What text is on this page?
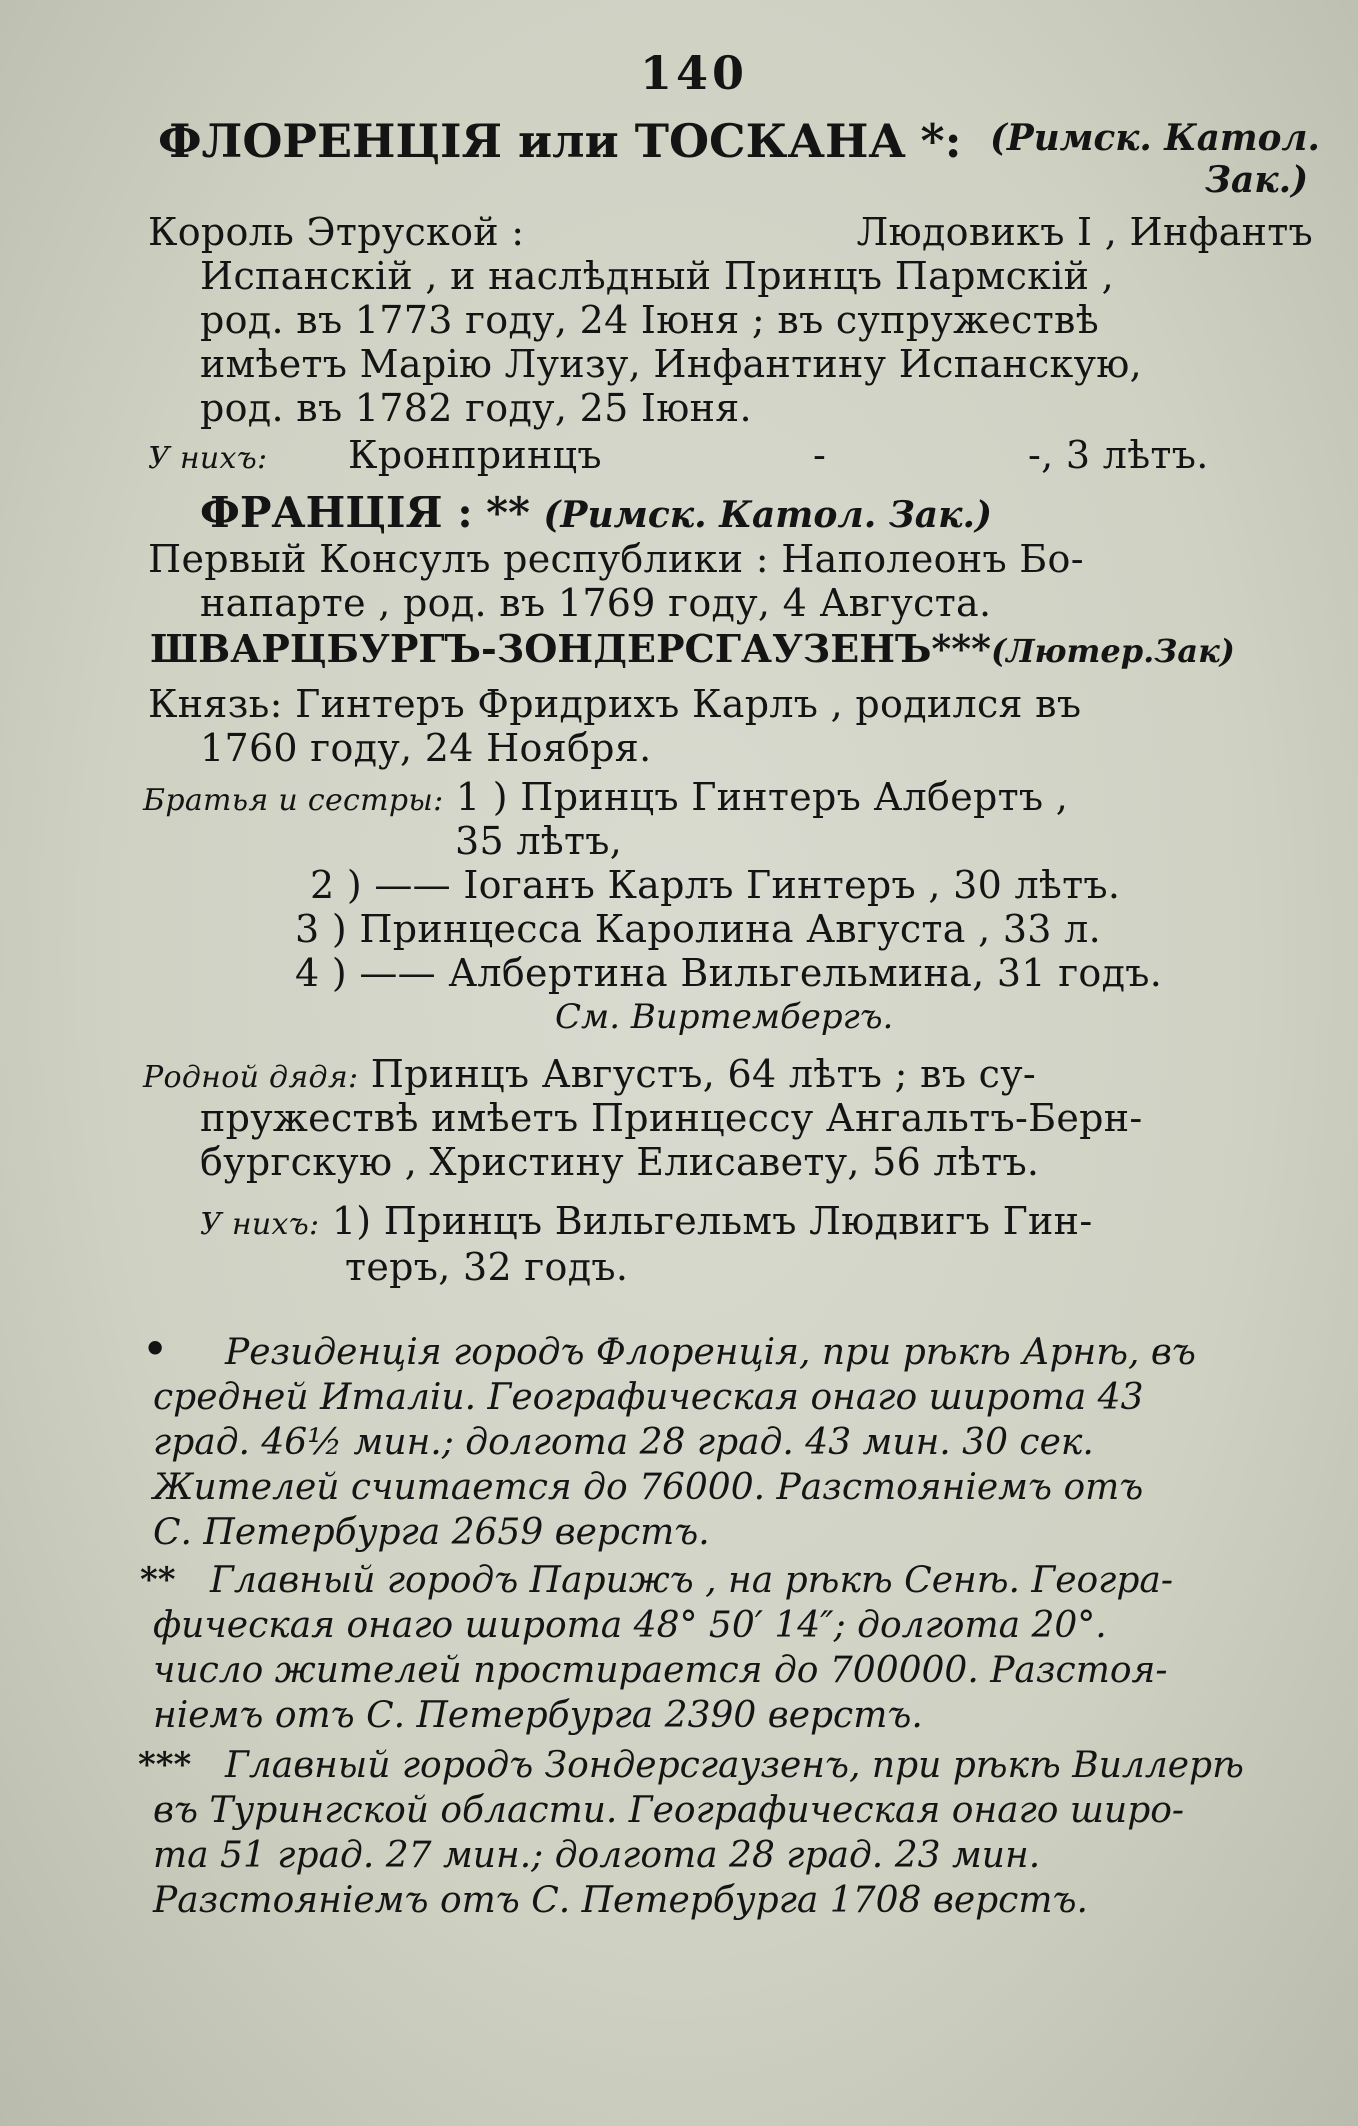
140
ФЛОРЕНЦІЯ или ТОСКАНА *: (Римск. Катол.
Зак.)
Король Этруской :	Людовикъ I , Инфантъ
Испанскій , и наслѣдный Принцъ Пармскій ,
род. въ 1773 году, 24 Іюня ; въ супружествѣ
имѣетъ Марію Луизу, Инфантину Испанскую,
род. въ 1782 году, 25 Іюня.
У нихъ: Кронпринцъ	-	-, 3 лѣтъ.
ФРАНЦІЯ : ** (Римск. Катол. Зак.)
Первый Консулъ республики : Наполеонъ Бо-
напарте , род. въ 1769 году, 4 Августа.
ШВАРЦБУРГЪ-ЗОНДЕРСГАУЗЕНЪ***(Лютер.Зак)
Князь: Гинтеръ Фридрихъ Карлъ , родился въ
1760 году, 24 Ноября.
Братья и сестры: 1 ) Принцъ Гинтеръ Албертъ ,
35 лѣтъ,
2 ) —— Іоганъ Карлъ Гинтеръ , 30 лѣтъ.
3 ) Принцесса Каролина Августа , 33 л.
4 ) —— Албертина Вильгельмина, 31 годъ.
См. Виртембергъ.
Родной дядя: Принцъ Августъ, 64 лѣтъ ; въ су-
пружествѣ имѣетъ Принцессу Ангальтъ-Берн-
бургскую , Христину Елисавету, 56 лѣтъ.
У нихъ: 1) Принцъ Вильгельмъ Людвигъ Гин-
теръ, 32 годъ.
• Резиденція городъ Флоренція, при рѣкѣ Арнѣ, въ
средней Италіи. Географическая онаго широта 43
град. 46½ мин.; долгота 28 град. 43 мин. 30 сек.
Жителей считается до 76000. Разстояніемъ отъ
С. Петербурга 2659 верстъ.
** Главный городъ Парижъ , на рѣкѣ Сенѣ. Геогра-
фическая онаго широта 48° 50′ 14″; долгота 20°.
число жителей простирается до 700000. Разстоя-
ніемъ отъ С. Петербурга 2390 верстъ.
*** Главный городъ Зондерсгаузенъ, при рѣкѣ Виллерѣ
въ Турингской области. Географическая онаго широ-
та 51 град. 27 мин.; долгота 28 град. 23 мин.
Разстояніемъ отъ С. Петербурга 1708 верстъ.
